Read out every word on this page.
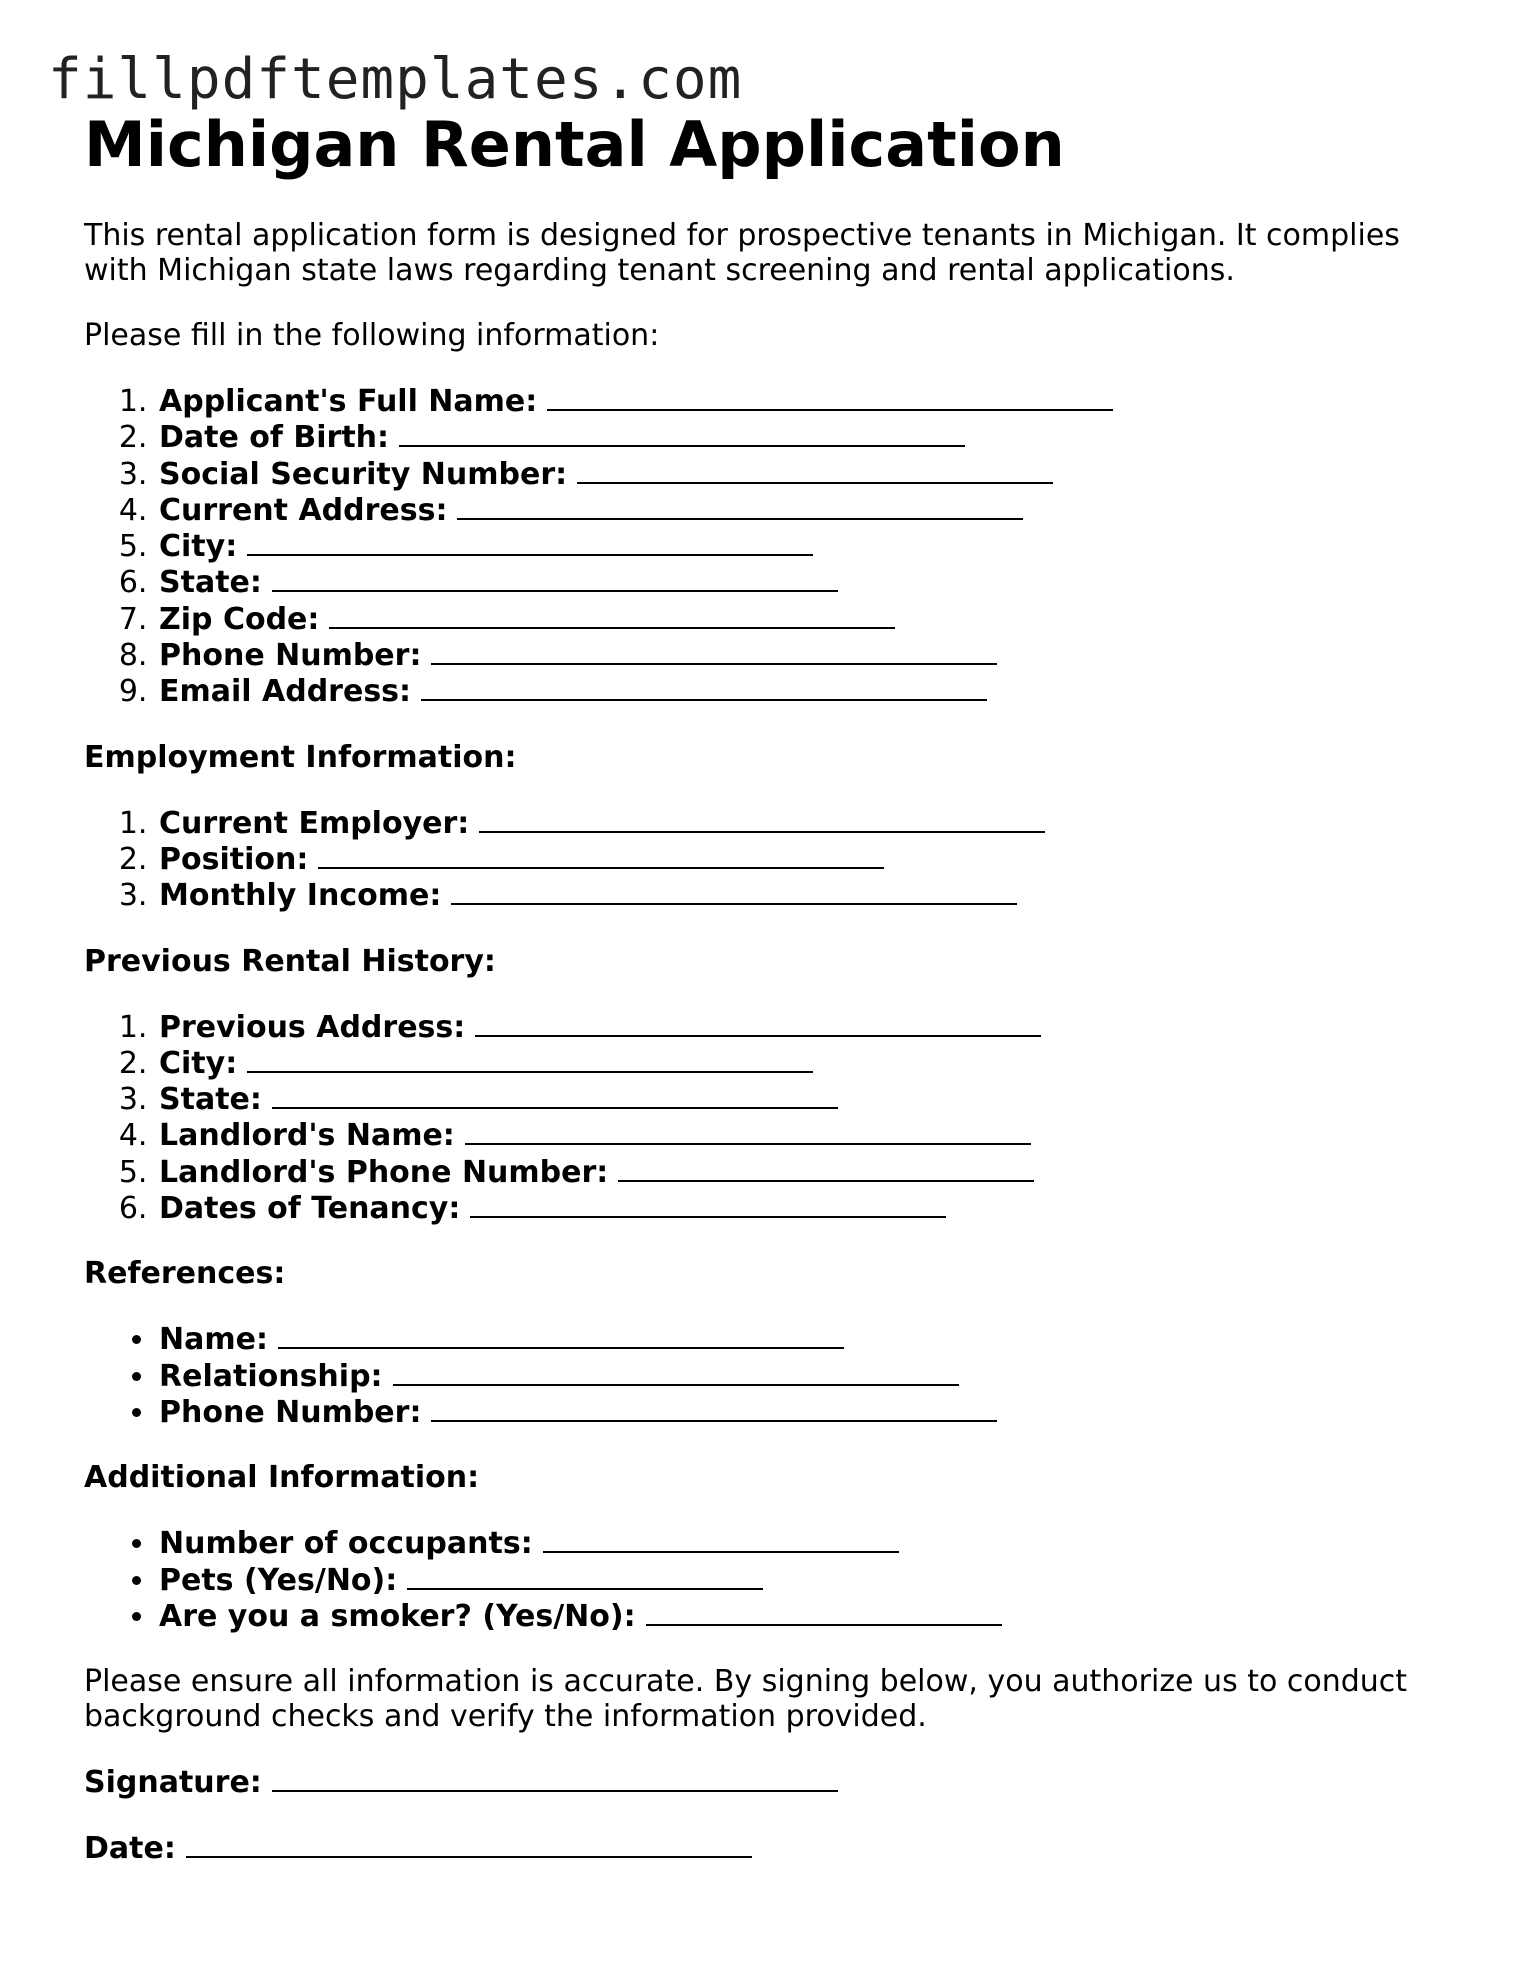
fillpdftemplates.com
Michigan Rental Application

This rental application form is designed for prospective tenants in Michigan. It complies with Michigan state laws regarding tenant screening and rental applications.

Please fill in the following information:

1. Applicant's Full Name:
2. Date of Birth:
3. Social Security Number:
4. Current Address:
5. City:
6. State:
7. Zip Code:
8. Phone Number:
9. Email Address:
Employment Information:
1. Current Employer:
2. Position:
3. Monthly Income:
Previous Rental History:
1. Previous Address:
2. City:
3. State:
4. Landlord's Name:
5. Landlord's Phone Number:
6. Dates of Tenancy:
References:
• Name:
• Relationship:
• Phone Number:
Additional Information:
• Number of occupants:
• Pets (Yes/No):
• Are you a smoker? (Yes/No):

Please ensure all information is accurate. By signing below, you authorize us to conduct background checks and verify the information provided.

Signature:
Date:
